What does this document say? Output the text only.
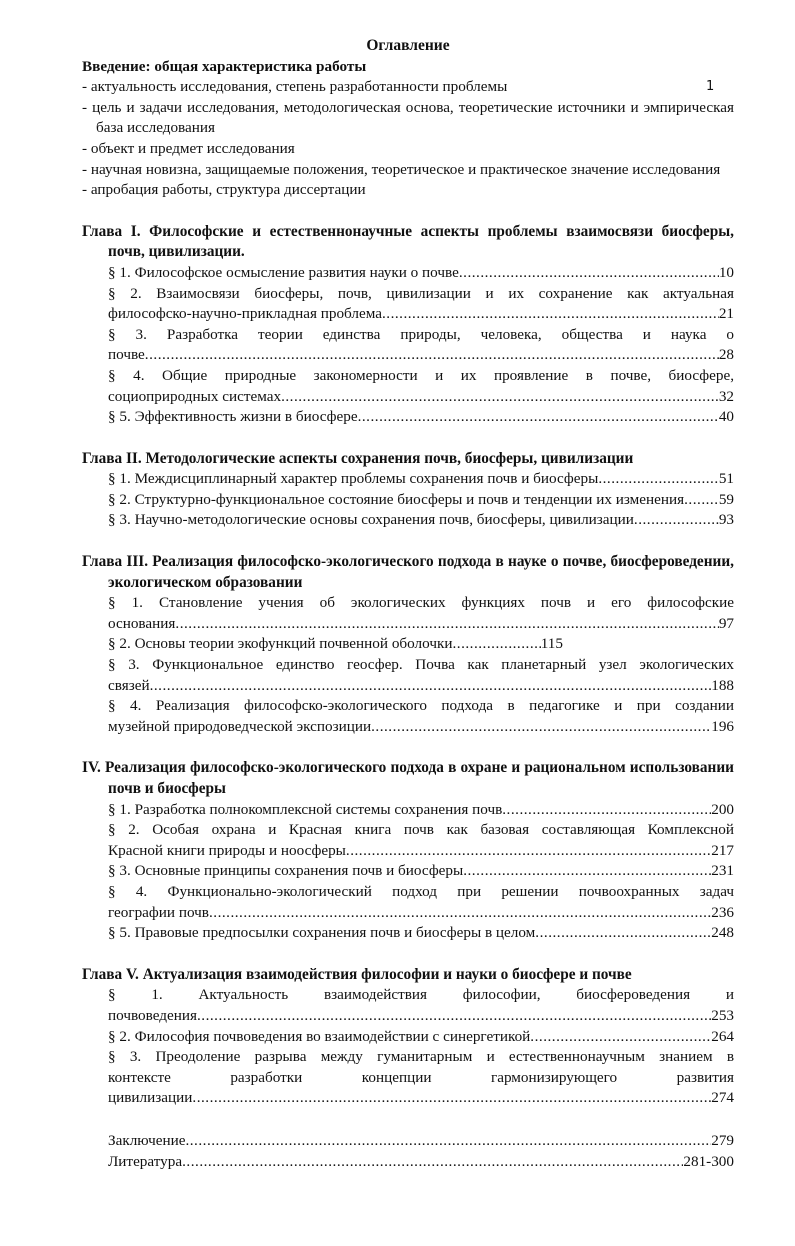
Оглавление
Введение: общая характеристика работы
- актуальность исследования, степень разработанности проблемы	1
- цель и задачи исследования, методологическая основа, теоретические источники и эмпирическая база исследования
- объект и предмет исследования
- научная новизна, защищаемые положения, теоретическое и практическое значение исследования
- апробация работы, структура диссертации
Глава I. Философские и естественнонаучные аспекты проблемы взаимосвязи биосферы, почв, цивилизации.
§ 1. Философское осмысление развития науки о почве .....	10
§ 2. Взаимосвязи биосферы, почв, цивилизации и их сохранение как актуальная
философско-научно-прикладная проблема .....	21
§ 3. Разработка теории единства природы, человека, общества и наука о
почве .....	28
§ 4. Общие природные закономерности и их проявление в почве, биосфере,
социоприродных системах .....	32
§ 5. Эффективность жизни в биосфере .....	40
Глава II. Методологические аспекты сохранения почв, биосферы, цивилизации
§ 1. Междисциплинарный характер проблемы сохранения почв и биосферы .....	51
§ 2. Структурно-функциональное состояние биосферы и почв и тенденции их изменения ..... 59
§ 3. Научно-методологические основы сохранения почв, биосферы, цивилизации .....	93
Глава III. Реализация философско-экологического подхода в науке о почве, биосфероведении, экологическом образовании
§ 1. Становление учения об экологических функциях почв и его философские
основания .....	97
§ 2. Основы теории экофункций почвенной оболочки .....	115
§ 3. Функциональное единство геосфер. Почва как планетарный узел экологических
связей .....	188
§ 4. Реализация философско-экологического подхода в педагогике и при создании
музейной природоведческой экспозиции .....	196
IV. Реализация философско-экологического подхода в охране и рациональном использовании почв и биосферы
§ 1. Разработка полнокомплексной системы сохранения почв .....	200
§ 2. Особая охрана и Красная книга почв как базовая составляющая Комплексной
Красной книги природы и ноосферы .....	217
§ 3. Основные принципы сохранения почв и биосферы .....	231
§ 4. Функционально-экологический подход при решении почвоохранных задач
географии почв .....	236
§ 5. Правовые предпосылки сохранения почв и биосферы в целом .....	248
Глава V. Актуализация взаимодействия философии и науки о биосфере и почве
§ 1. Актуальность взаимодействия философии, биосфероведения и
почвоведения .....	253
§ 2. Философия почвоведения во взаимодействии с синергетикой .....	264
§ 3. Преодоление разрыва между гуманитарным и естественнонаучным знанием в
контексте разработки концепции гармонизирующего развития
цивилизации .....	274
Заключение .....	279
Литература .....	281-300
